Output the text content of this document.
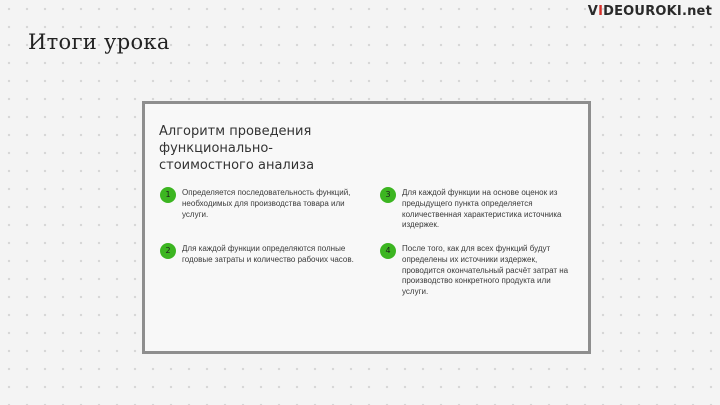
Итоги урока
VIDEOUROKI.net
Алгоритм проведения
функционально-
стоимостного анализа
1	Определяется последовательность функций, необходимых для производства товара или услуги.
2	Для каждой функции определяются полные годовые затраты и количество рабочих часов.
3	Для каждой функции на основе оценок из предыдущего пункта определяется количественная характеристика источника издержек.
4	После того, как для всех функций будут определены их источники издержек, проводится окончательный расчёт затрат на производство конкретного продукта или услуги.
